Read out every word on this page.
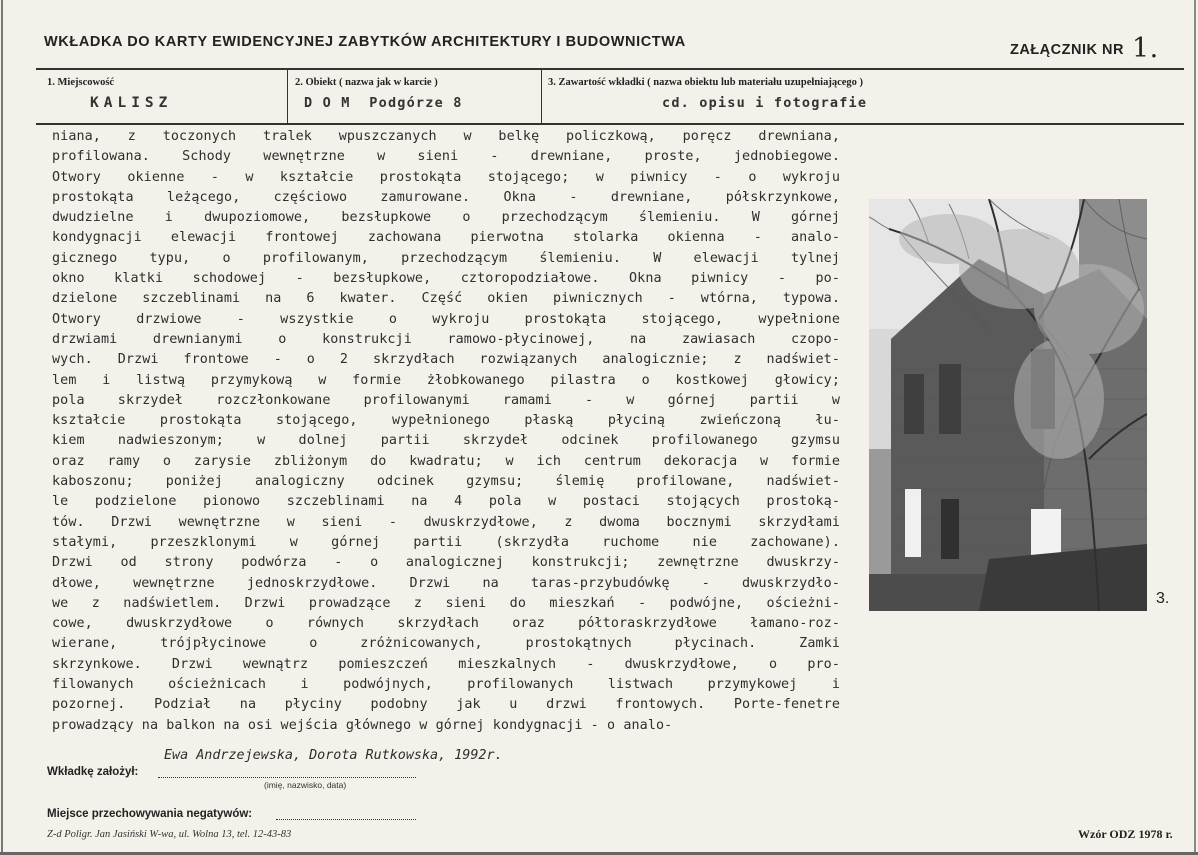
WKŁADKA DO KARTY EWIDENCYJNEJ ZABYTKÓW ARCHITEKTURY I BUDOWNICTWA	ZAŁĄCZNIK NR 1.
1. Miejscowość
KALISZ
2. Obiekt ( nazwa jak w karcie )
D O M  Podgórze 8
3. Zawartość wkładki ( nazwa obiektu lub materiału uzupełniającego )
cd. opisu i fotografie
niana, z toczonych tralek wpuszczanych w belkę policzkową, poręcz drewniana,
profilowana. Schody wewnętrzne w sieni - drewniane, proste, jednobiegowe.
Otwory okienne - w kształcie prostokąta stojącego; w piwnicy - o wykroju
prostokąta leżącego, częściowo zamurowane. Okna - drewniane, półskrzynkowe,
dwudzielne i dwupoziomowe, bezsłupkowe o przechodzącym ślemieniu. W górnej
kondygnacji elewacji frontowej zachowana pierwotna stolarka okienna - analo-
gicznego typu, o profilowanym, przechodzącym ślemieniu. W elewacji tylnej
okno klatki schodowej - bezsłupkowe, cztoropodziałowe. Okna piwnicy - po-
dzielone szczeblinami na 6 kwater. Część okien piwnicznych - wtórna, typowa.
Otwory drzwiowe - wszystkie o wykroju prostokąta stojącego, wypełnione
drzwiami drewnianymi o konstrukcji ramowo-płycinowej, na zawiasach czopo-
wych. Drzwi frontowe - o 2 skrzydłach rozwiązanych analogicznie; z nadświet-
lem i listwą przymykową w formie żłobkowanego pilastra o kostkowej głowicy;
pola skrzydeł rozczłonkowane profilowanymi ramami - w górnej partii w
kształcie prostokąta stojącego, wypełnionego płaską płyciną zwieńczoną łu-
kiem nadwieszonym; w dolnej partii skrzydeł odcinek profilowanego gzymsu
oraz ramy o zarysie zbliżonym do kwadratu; w ich centrum dekoracja w formie
kaboszonu; poniżej analogiczny odcinek gzymsu; ślemię profilowane, nadświet-
le podzielone pionowo szczeblinami na 4 pola w postaci stojących prostoką-
tów. Drzwi wewnętrzne w sieni - dwuskrzydłowe, z dwoma bocznymi skrzydłami
stałymi, przeszklonymi w górnej partii (skrzydła ruchome nie zachowane).
Drzwi od strony podwórza - o analogicznej konstrukcji; zewnętrzne dwuskrzy-
dłowe, wewnętrzne jednoskrzydłowe. Drzwi na taras-przybudówkę - dwuskrzydło-
we z nadświetlem. Drzwi prowadzące z sieni do mieszkań - podwójne, ościeżni-
cowe, dwuskrzydłowe o równych skrzydłach oraz półtoraskrzydłowe łamano-roz-
wierane, trójpłycinowe o zróżnicowanych, prostokątnych płycinach. Zamki
skrzynkowe. Drzwi wewnątrz pomieszczeń mieszkalnych - dwuskrzydłowe, o pro-
filowanych ościeżnicach i podwójnych, profilowanych listwach przymykowej i
pozornej. Podział na płyciny podobny jak u drzwi frontowych. Porte-fenetre
prowadzący na balkon na osi wejścia głównego w górnej kondygnacji - o analo-
Ewa Andrzejewska, Dorota Rutkowska, 1992r.
3.
Wkładkę założył:
(imię, nazwisko, data)
Miejsce przechowywania negatywów:
Z-d Poligr. Jan Jasiński W-wa, ul. Wolna 13, tel. 12-43-83	Wzór ODZ 1978 r.
